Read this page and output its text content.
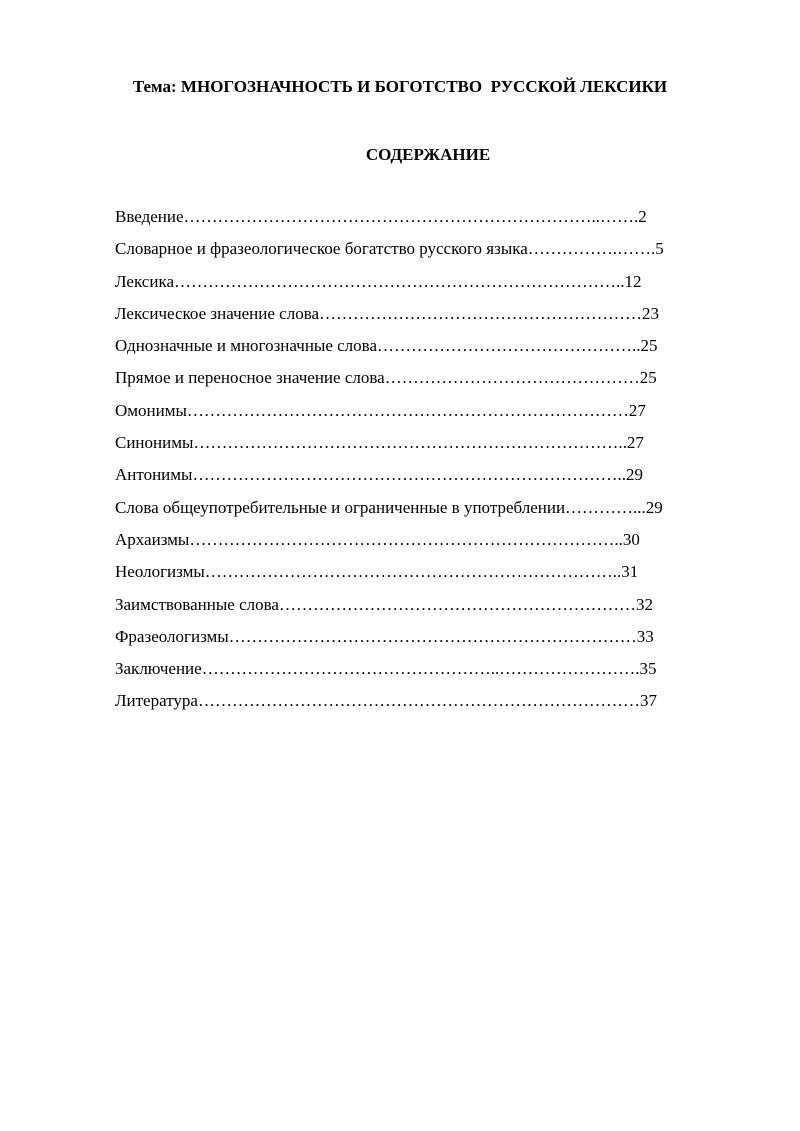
Тема: МНОГОЗНАЧНОСТЬ И БОГОТСТВО  РУССКОЙ ЛЕКСИКИ
СОДЕРЖАНИЕ
Введение………………………………………………………………..…….2
Словарное и фразеологическое богатство русского языка…………….…….5
Лексика……………………………………………………………………..12
Лексическое значение слова…………………………………………………23
Однозначные и многозначные слова………………………………………..25
Прямое и переносное значение слова………………………………………25
Омонимы……………………………………………………………………27
Синонимы…………………………………………………………………..27
Антонимы…………………………………………………………………..29
Слова общеупотребительные и ограниченные в употреблении…………...29
Архаизмы…………………………………………………………………..30
Неологизмы………………………………………………………………..31
Заимствованные слова………………………………………………………32
Фразеологизмы………………………………………………………………33
Заключение……………………………………………..…………………….35
Литература……………………………………………………………………37
